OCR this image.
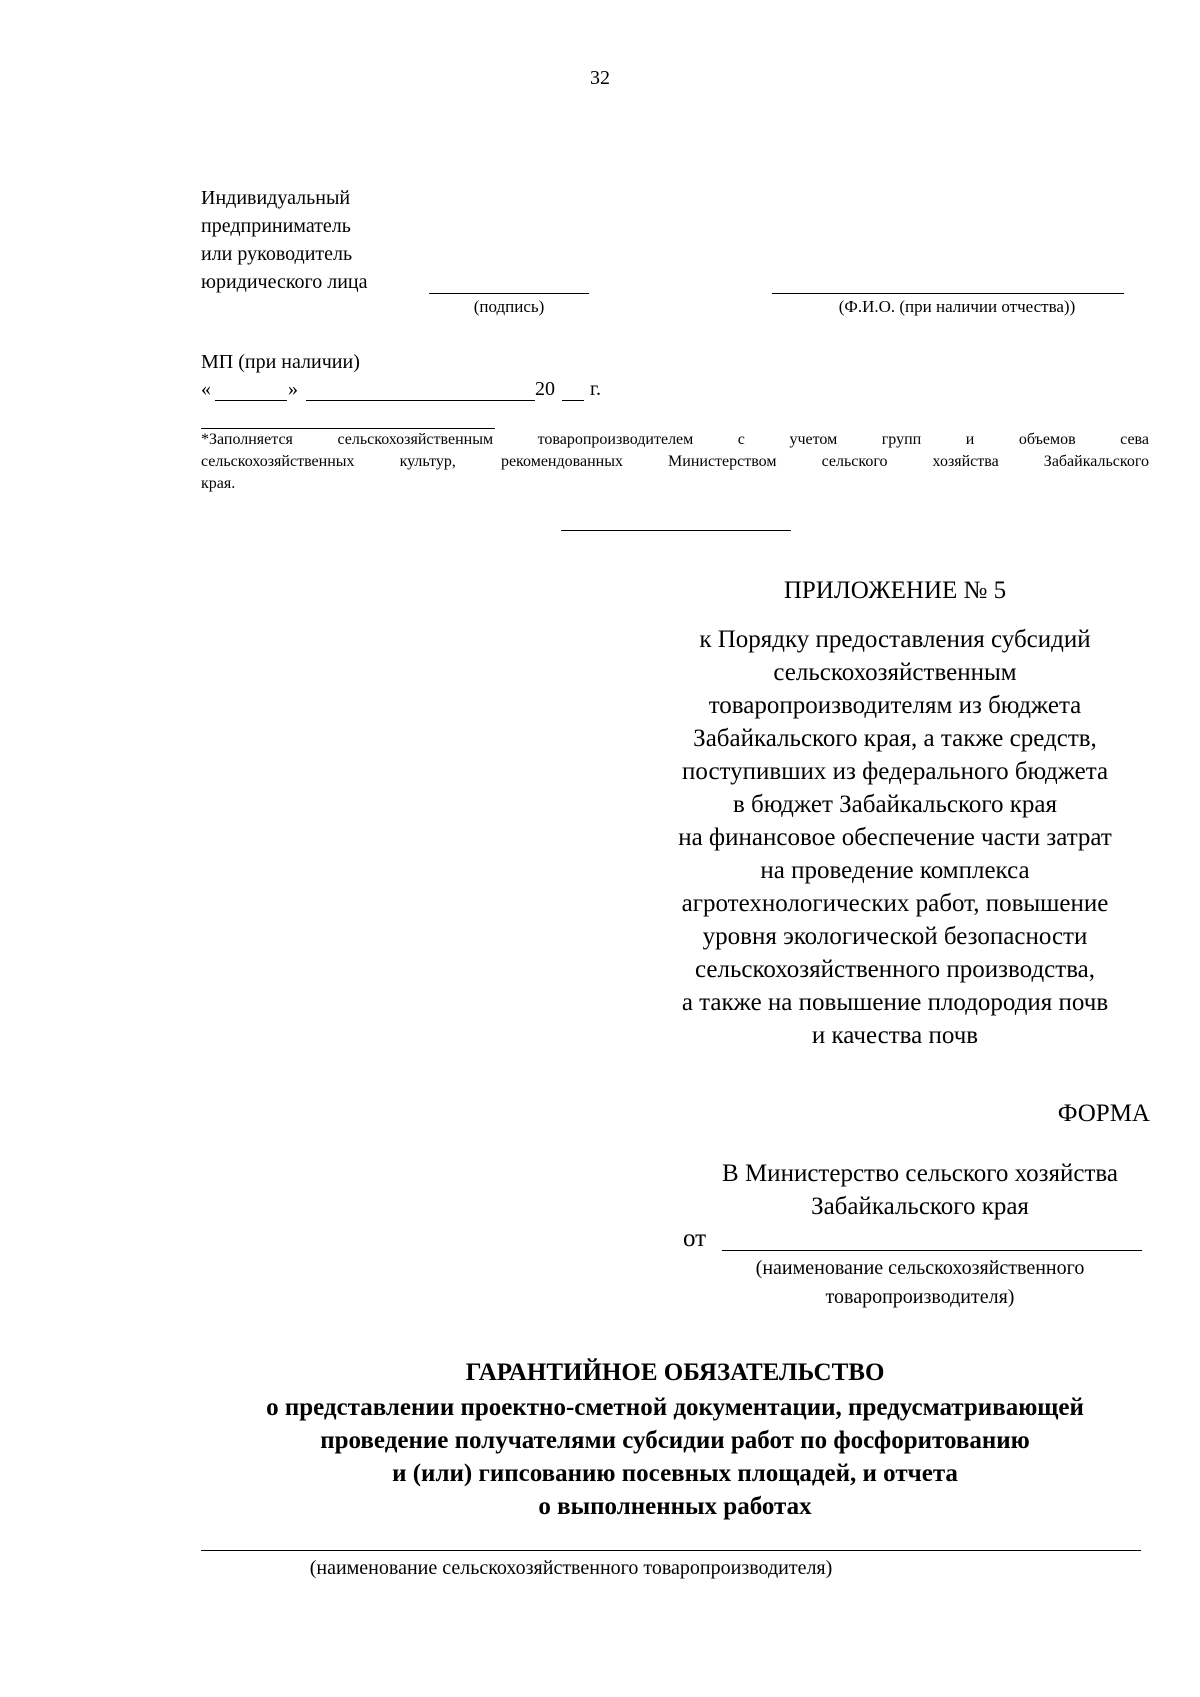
32
Индивидуальный
предприниматель
или руководитель
юридического лица
(подпись)	(Ф.И.О. (при наличии отчества))
МП (при наличии)
«	»	20	г.
*Заполняется сельскохозяйственным товаропроизводителем с учетом групп и объемов сева
сельскохозяйственных культур, рекомендованных Министерством сельского хозяйства Забайкальского
края.
ПРИЛОЖЕНИЕ № 5
к Порядку предоставления субсидий
сельскохозяйственным
товаропроизводителям из бюджета
Забайкальского края, а также средств,
поступивших из федерального бюджета
в бюджет Забайкальского края
на финансовое обеспечение части затрат
на проведение комплекса
агротехнологических работ, повышение
уровня экологической безопасности
сельскохозяйственного производства,
а также на повышение плодородия почв
и качества почв
ФОРМА
В Министерство сельского хозяйства
Забайкальского края
от
(наименование сельскохозяйственного
товаропроизводителя)
ГАРАНТИЙНОЕ ОБЯЗАТЕЛЬСТВО
о представлении проектно-сметной документации, предусматривающей
проведение получателями субсидии работ по фосфоритованию
и (или) гипсованию посевных площадей, и отчета
о выполненных работах
(наименование сельскохозяйственного товаропроизводителя)
